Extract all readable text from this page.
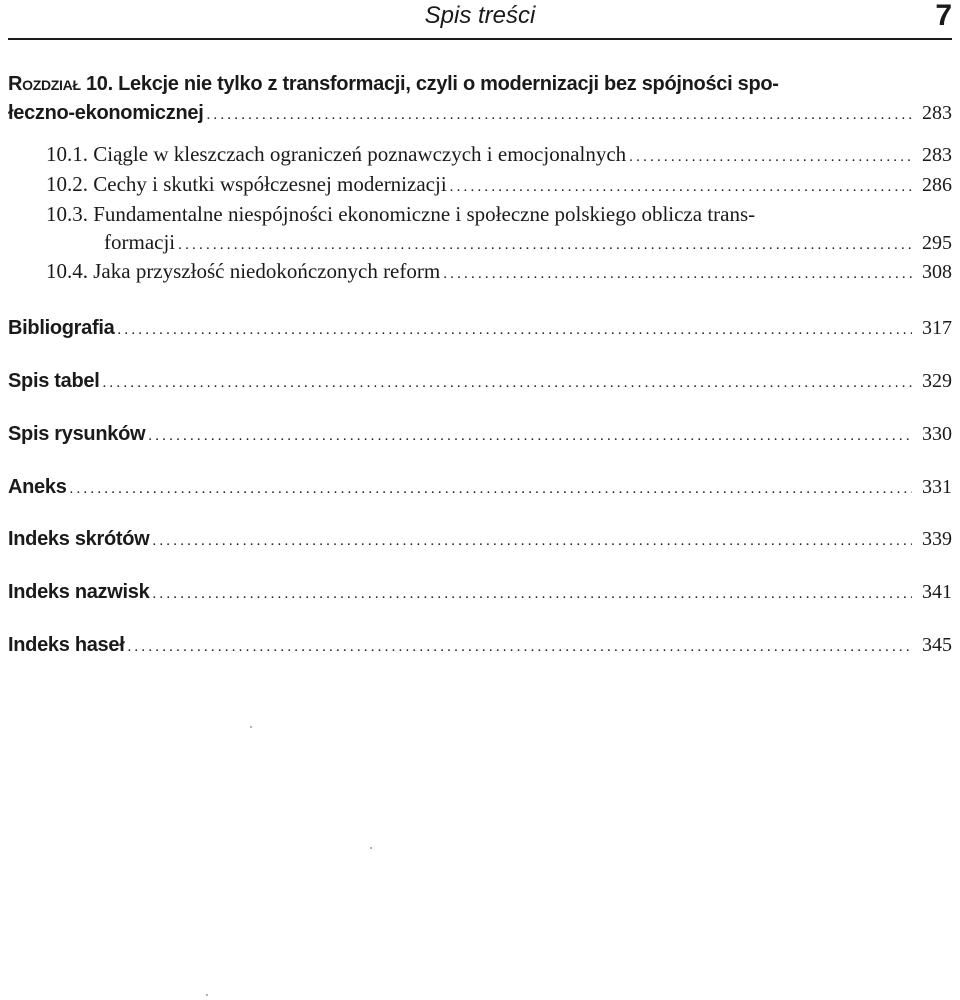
Spis treści	7
Rozdział 10. Lekcje nie tylko z transformacji, czyli o modernizacji bez spójności spo-
łeczno-ekonomicznej .....	283
10.1. Ciągle w kleszczach ograniczeń poznawczych i emocjonalnych .....	283
10.2. Cechy i skutki współczesnej modernizacji .....	286
10.3. Fundamentalne niespójności ekonomiczne i społeczne polskiego oblicza trans-
formacji .....	295
10.4. Jaka przyszłość niedokończonych reform .....	308
Bibliografia .....	317
Spis tabel .....	329
Spis rysunków .....	330
Aneks .....	331
Indeks skrótów .....	339
Indeks nazwisk .....	341
Indeks haseł .....	345
